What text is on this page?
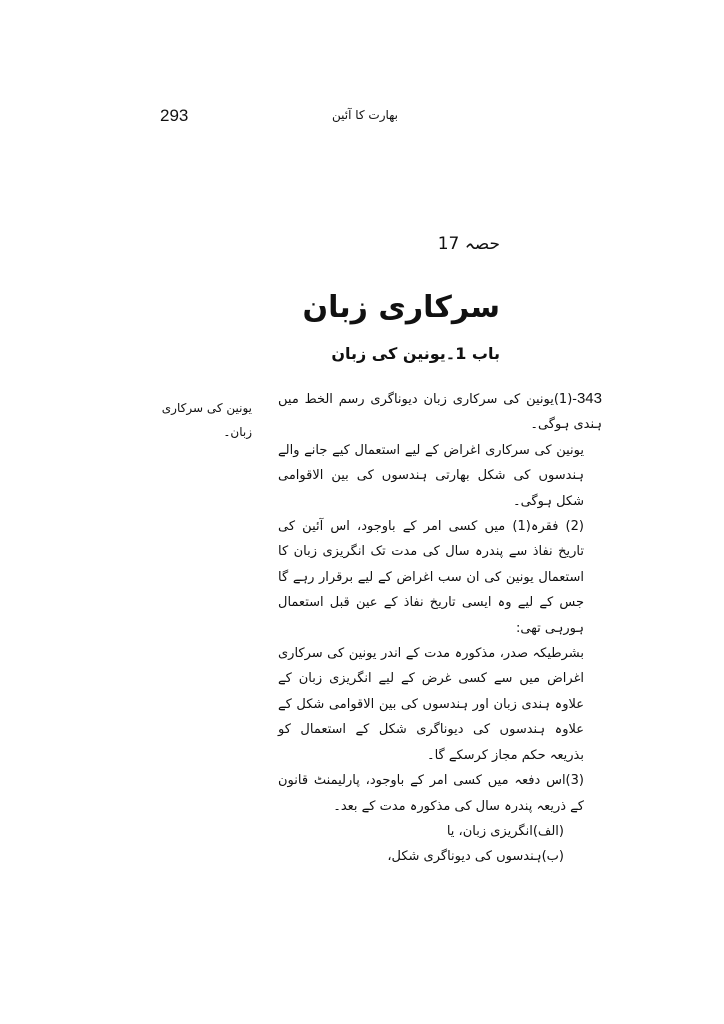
293	بھارت کا آئین
حصہ 17
سرکاری زبان
باب 1۔یونین کی زبان
یونین کی سرکاری زبان۔

343-(1)یونین کی سرکاری زبان دیوناگری رسم الخط میں ہندی ہوگی۔

یونین کی سرکاری اغراض کے لیے استعمال کیے جانے والے ہندسوں کی شکل بھارتی ہندسوں کی بین الاقوامی شکل ہوگی۔

(2) فقرہ(1) میں کسی امر کے باوجود، اس آئین کی تاریخ نفاذ سے پندرہ سال کی مدت تک انگریزی زبان کا استعمال یونین کی ان سب اغراض کے لیے برقرار رہے گا جس کے لیے وہ ایسی تاریخ نفاذ کے عین قبل استعمال ہورہی تھی:

بشرطیکہ صدر، مذکورہ مدت کے اندر یونین کی سرکاری اغراض میں سے کسی غرض کے لیے انگریزی زبان کے علاوہ ہندی زبان اور ہندسوں کی بین الاقوامی شکل کے علاوہ ہندسوں کی دیوناگری شکل کے استعمال کو بذریعہ حکم مجاز کرسکے گا۔

(3)اس دفعہ میں کسی امر کے باوجود، پارلیمنٹ قانون کے ذریعہ پندرہ سال کی مذکورہ مدت کے بعد۔

(الف)انگریزی زبان، یا

(ب)ہندسوں کی دیوناگری شکل،
